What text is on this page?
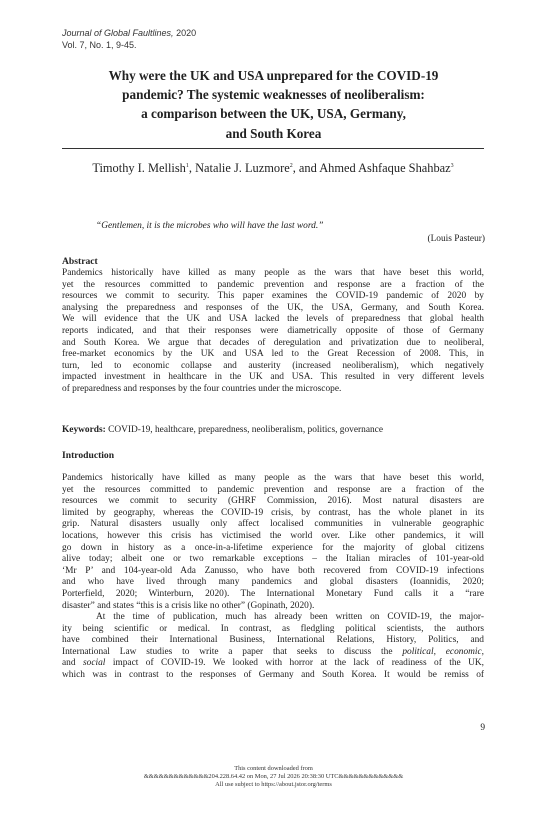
Journal of Global Faultlines, 2020
Vol. 7, No. 1, 9-45.
Why were the UK and USA unprepared for the COVID-19
pandemic? The systemic weaknesses of neoliberalism:
a comparison between the UK, USA, Germany,
and South Korea
Timothy I. Mellish$^1$, Natalie J. Luzmore$^2$, and Ahmed Ashfaque Shahbaz$^3$
“Gentlemen, it is the microbes who will have the last word.”
(Louis Pasteur)
Abstract
Pandemics historically have killed as many people as the wars that have beset this world,
yet the resources committed to pandemic prevention and response are a fraction of the
resources we commit to security. This paper examines the COVID-19 pandemic of 2020 by
analysing the preparedness and responses of the UK, the USA, Germany, and South Korea.
We will evidence that the UK and USA lacked the levels of preparedness that global health
reports indicated, and that their responses were diametrically opposite of those of Germany
and South Korea. We argue that decades of deregulation and privatization due to neoliberal,
free-market economics by the UK and USA led to the Great Recession of 2008. This, in
turn, led to economic collapse and austerity (increased neoliberalism), which negatively
impacted investment in healthcare in the UK and USA. This resulted in very different levels
of preparedness and responses by the four countries under the microscope.
Keywords: COVID-19, healthcare, preparedness, neoliberalism, politics, governance
Introduction
Pandemics historically have killed as many people as the wars that have beset this world,
yet the resources committed to pandemic prevention and response are a fraction of the
resources we commit to security (GHRF Commission, 2016). Most natural disasters are
limited by geography, whereas the COVID-19 crisis, by contrast, has the whole planet in its
grip. Natural disasters usually only affect localised communities in vulnerable geographic
locations, however this crisis has victimised the world over. Like other pandemics, it will
go down in history as a once-in-a-lifetime experience for the majority of global citizens
alive today; albeit one or two remarkable exceptions – the Italian miracles of 101-year-old
‘Mr P’ and 104-year-old Ada Zanusso, who have both recovered from COVID-19 infections
and who have lived through many pandemics and global disasters (Ioannidis, 2020;
Porterfield, 2020; Winterburn, 2020). The International Monetary Fund calls it a “rare
disaster” and states “this is a crisis like no other” (Gopinath, 2020).
At the time of publication, much has already been written on COVID-19, the major-
ity being scientific or medical. In contrast, as fledgling political scientists, the authors
have combined their International Business, International Relations, History, Politics, and
International Law studies to write a paper that seeks to discuss the political, economic,
and social impact of COVID-19. We looked with horror at the lack of readiness of the UK,
which was in contrast to the responses of Germany and South Korea. It would be remiss of
9
This content downloaded from
&&&&&&&&&&&&&204.228.64.42 on Mon, 27 Jul 2026 20:38:30 UTC&&&&&&&&&&&&&
All use subject to https://about.jstor.org/terms
